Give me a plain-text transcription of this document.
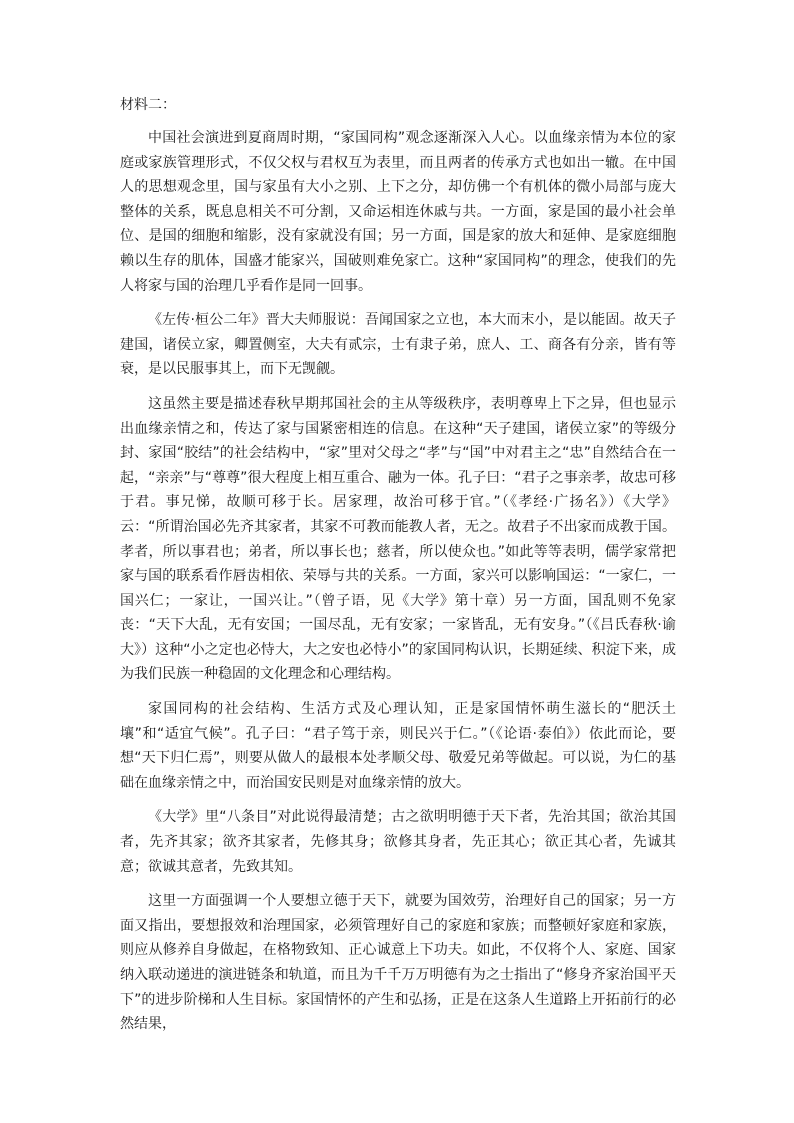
材料二：

中国社会演进到夏商周时期，“家国同构”观念逐渐深入人心。以血缘亲情为本位的家庭或家族管理形式，不仅父权与君权互为表里，而且两者的传承方式也如出一辙。在中国人的思想观念里，国与家虽有大小之别、上下之分，却仿佛一个有机体的微小局部与庞大整体的关系，既息息相关不可分割，又命运相连休戚与共。一方面，家是国的最小社会单位、是国的细胞和缩影，没有家就没有国；另一方面，国是家的放大和延伸、是家庭细胞赖以生存的肌体，国盛才能家兴，国破则难免家亡。这种“家国同构”的理念，使我们的先人将家与国的治理几乎看作是同一回事。

《左传·桓公二年》晋大夫师服说：吾闻国家之立也，本大而末小，是以能固。故天子建国，诸侯立家，卿置侧室，大夫有贰宗，士有隶子弟，庶人、工、商各有分亲，皆有等衰，是以民服事其上，而下无觊觎。

这虽然主要是描述春秋早期邦国社会的主从等级秩序，表明尊卑上下之异，但也显示出血缘亲情之和，传达了家与国紧密相连的信息。在这种“天子建国，诸侯立家”的等级分封、家国“胶结”的社会结构中，“家”里对父母之“孝”与“国”中对君主之“忠”自然结合在一起，“亲亲”与“尊尊”很大程度上相互重合、融为一体。孔子曰：“君子之事亲孝，故忠可移于君。事兄悌，故顺可移于长。居家理，故治可移于官。”（《孝经·广扬名》）《大学》云：“所谓治国必先齐其家者，其家不可教而能教人者，无之。故君子不出家而成教于国。孝者，所以事君也；弟者，所以事长也；慈者，所以使众也。”如此等等表明，儒学家常把家与国的联系看作唇齿相依、荣辱与共的关系。一方面，家兴可以影响国运：“一家仁，一国兴仁；一家让，一国兴让。”（曾子语，见《大学》第十章）另一方面，国乱则不免家丧：“天下大乱，无有安国；一国尽乱，无有安家；一家皆乱，无有安身。”（《吕氏春秋·谕大》）这种“小之定也必恃大，大之安也必恃小”的家国同构认识，长期延续、积淀下来，成为我们民族一种稳固的文化理念和心理结构。

家国同构的社会结构、生活方式及心理认知，正是家国情怀萌生滋长的“肥沃土壤”和“适宜气候”。孔子曰：“君子笃于亲，则民兴于仁。”（《论语·泰伯》）依此而论，要想“天下归仁焉”，则要从做人的最根本处孝顺父母、敬爱兄弟等做起。可以说，为仁的基础在血缘亲情之中，而治国安民则是对血缘亲情的放大。

《大学》里“八条目”对此说得最清楚；古之欲明明德于天下者，先治其国；欲治其国者，先齐其家；欲齐其家者，先修其身；欲修其身者，先正其心；欲正其心者，先诚其意；欲诚其意者，先致其知。

这里一方面强调一个人要想立德于天下，就要为国效劳，治理好自己的国家；另一方面又指出，要想报效和治理国家，必须管理好自己的家庭和家族；而整顿好家庭和家族，则应从修养自身做起，在格物致知、正心诚意上下功夫。如此，不仅将个人、家庭、国家纳入联动递进的演进链条和轨道，而且为千千万万明德有为之士指出了“修身齐家治国平天下”的进步阶梯和人生目标。家国情怀的产生和弘扬，正是在这条人生道路上开拓前行的必然结果，
